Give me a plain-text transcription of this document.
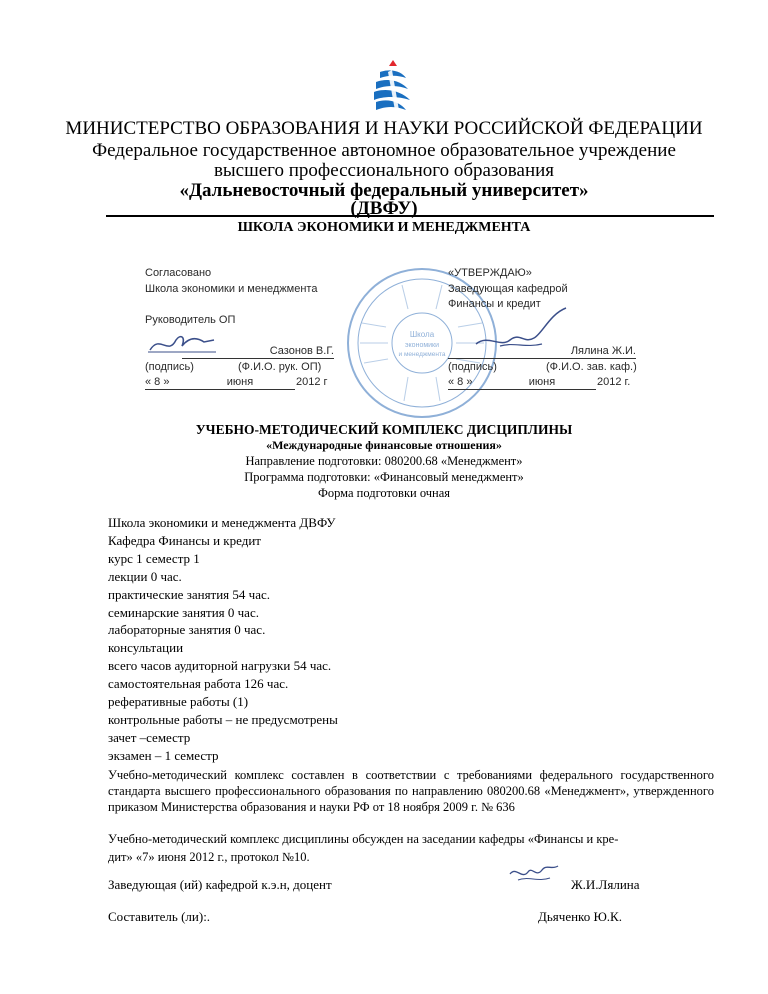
МИНИСТЕРСТВО ОБРАЗОВАНИЯ И НАУКИ РОССИЙСКОЙ ФЕДЕРАЦИИ
Федеральное государственное автономное образовательное учреждение
высшего профессионального образования
«Дальневосточный федеральный университет»
(ДВФУ)
ШКОЛА ЭКОНОМИКИ И МЕНЕДЖМЕНТА
Школа
экономики
и менеджмента
Согласовано
Школа экономики и менеджмента
Руководитель ОП
Сазонов В.Г.
(подпись)	(Ф.И.О. рук. ОП)
« 8 »	июня	2012 г
«УТВЕРЖДАЮ»
Заведующая кафедрой
Финансы и кредит
Лялина Ж.И.
(подпись)	(Ф.И.О. зав. каф.)
« 8 »	июня	2012 г.
УЧЕБНО-МЕТОДИЧЕСКИЙ КОМПЛЕКС ДИСЦИПЛИНЫ
«Международные финансовые отношения»
Направление подготовки: 080200.68 «Менеджмент»
Программа подготовки: «Финансовый менеджмент»
Форма подготовки очная
Школа экономики и менеджмента ДВФУ
Кафедра Финансы и кредит
курс 1 семестр 1
лекции 0 час.
практические занятия 54 час.
семинарские занятия 0 час.
лабораторные занятия 0 час.
консультации
всего часов аудиторной нагрузки 54 час.
самостоятельная работа 126 час.
реферативные работы (1)
контрольные работы – не предусмотрены
зачет –семестр
экзамен – 1 семестр
Учебно-методический комплекс составлен в соответствии с требованиями федерального государственного стандарта высшего профессионального образования по направлению 080200.68 «Менеджмент», утвержденного приказом Министерства образования и науки РФ от 18 ноября 2009 г. № 636
Учебно-методический комплекс дисциплины обсужден на заседании кафедры «Финансы и кре-
дит» «7» июня 2012 г., протокол №10.
Заведующая (ий) кафедрой к.э.н, доцент	Ж.И.Лялина
Составитель (ли):.	Дьяченко Ю.К.
